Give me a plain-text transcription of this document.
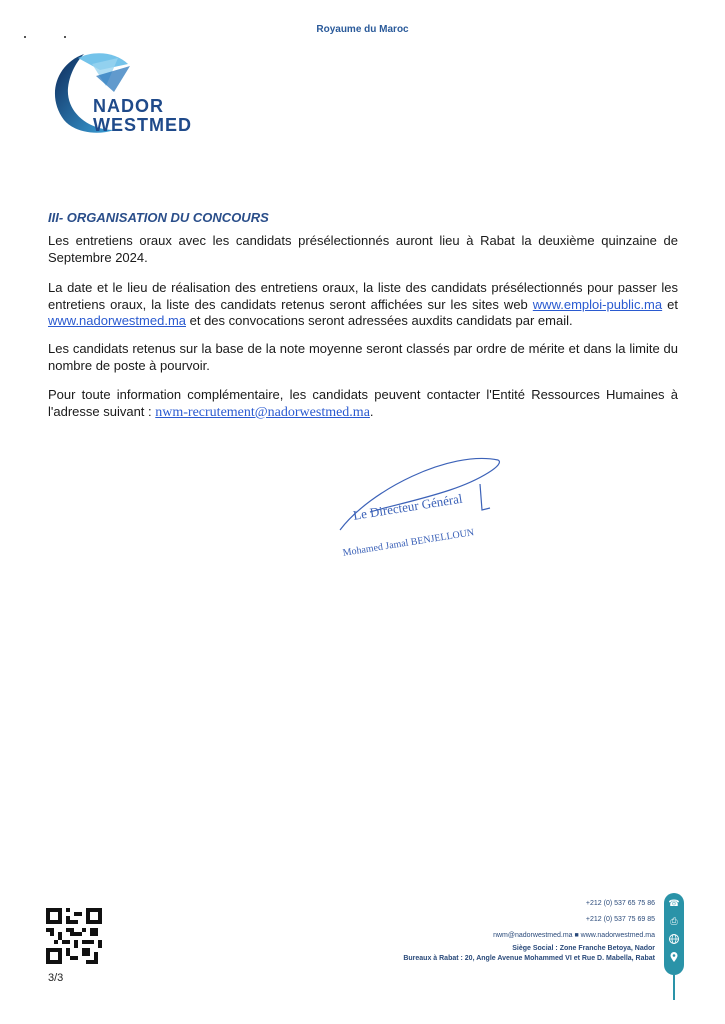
Royaume du Maroc
NADOR
WESTMED
III- ORGANISATION DU CONCOURS
Les entretiens oraux avec les candidats présélectionnés auront lieu à Rabat la deuxième quinzaine de Septembre 2024.
La date et le lieu de réalisation des entretiens oraux, la liste des candidats présélectionnés pour passer les entretiens oraux, la liste des candidats retenus seront affichées sur les sites web www.emploi-public.ma et www.nadorwestmed.ma et des convocations seront adressées auxdits candidats par email.
Les candidats retenus sur la base de la note moyenne seront classés par ordre de mérite et dans la limite du nombre de poste à pourvoir.
Pour toute information complémentaire, les candidats peuvent contacter l'Entité Ressources Humaines à l'adresse suivant : nwm-recrutement@nadorwestmed.ma.
Le Directeur Général
Mohamed Jamal BENJELLOUN
3/3
+212 (0) 537 65 75 86
+212 (0) 537 75 69 85
nwm@nadorwestmed.ma ■ www.nadorwestmed.ma
Siège Social : Zone Franche Betoya, Nador
Bureaux à Rabat : 20, Angle Avenue Mohammed VI et Rue D. Mabella, Rabat
☎
⎙
